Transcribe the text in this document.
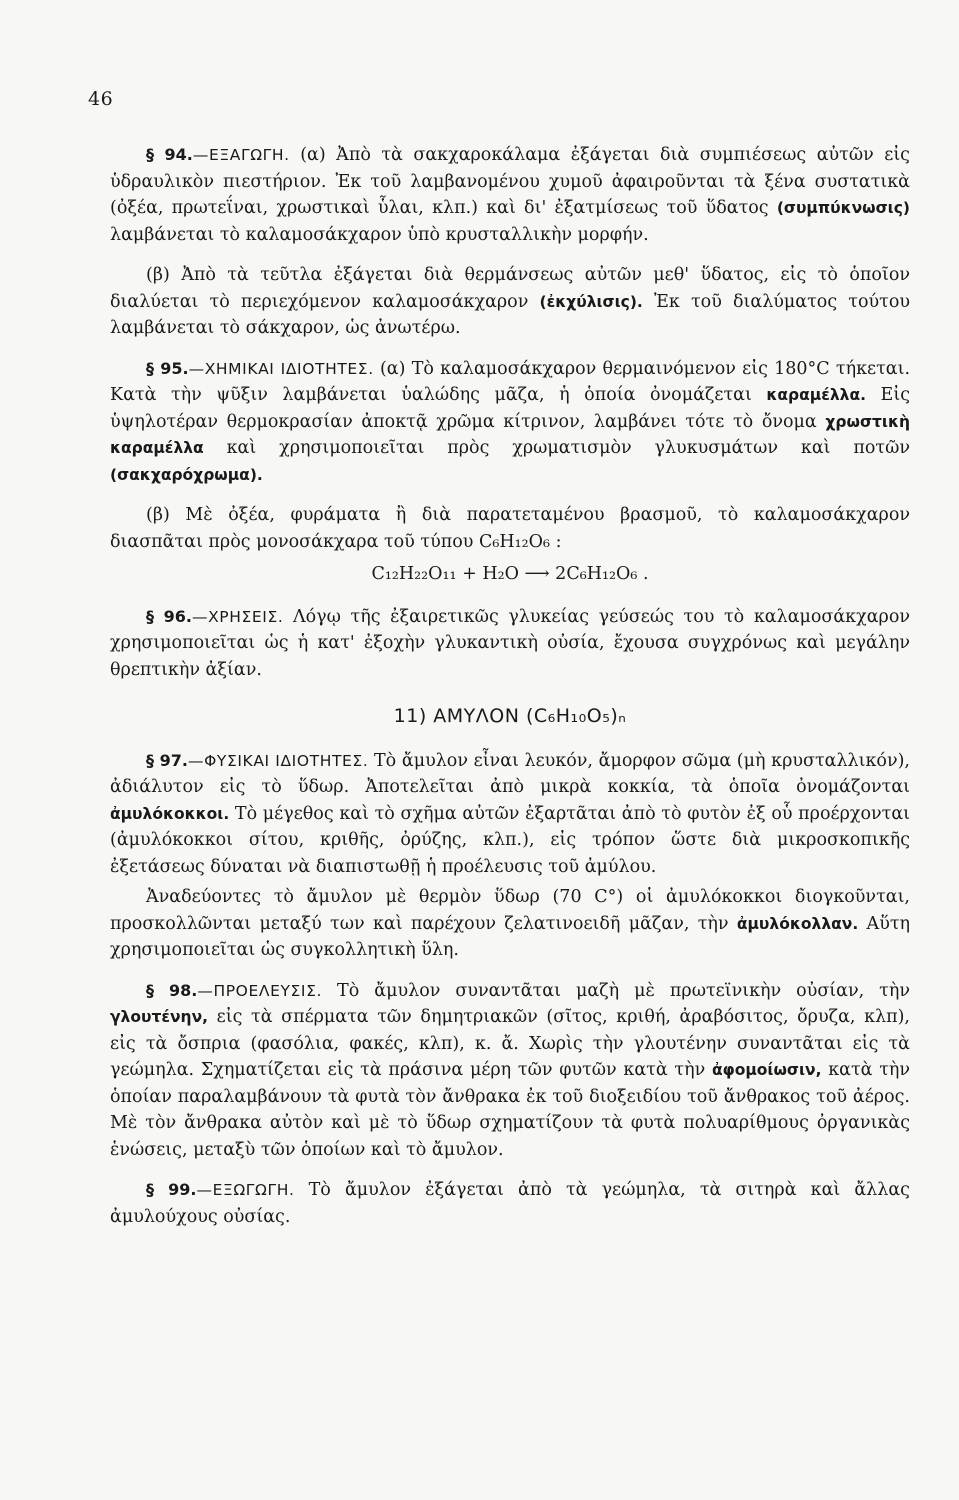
46

§ 94.—ΕΞΑΓΩΓΗ. (α) Ἀπὸ τὰ σακχαροκάλαμα ἐξάγεται διὰ συμπιέσεως αὐτῶν εἰς ὑδραυλικὸν πιεστήριον. Ἐκ τοῦ λαμβανομένου χυμοῦ ἀφαιροῦνται τὰ ξένα συστατικὰ (ὀξέα, πρωτεΐναι, χρωστικαὶ ὗλαι, κλπ.) καὶ δι' ἐξατμίσεως τοῦ ὕδατος (συμπύκνωσις) λαμβάνεται τὸ καλαμοσάκχαρον ὑπὸ κρυσταλλικὴν μορφήν.

(β) Ἀπὸ τὰ τεῦτλα ἐξάγεται διὰ θερμάνσεως αὐτῶν μεθ' ὕδατος, εἰς τὸ ὁποῖον διαλύεται τὸ περιεχόμενον καλαμοσάκχαρον (ἐκχύλισις). Ἐκ τοῦ διαλύματος τούτου λαμβάνεται τὸ σάκχαρον, ὡς ἀνωτέρω.

§ 95.—ΧΗΜΙΚΑΙ ΙΔΙΟΤΗΤΕΣ. (α) Τὸ καλαμοσάκχαρον θερμαινόμενον εἰς 180°C τήκεται. Κατὰ τὴν ψῦξιν λαμβάνεται ὑαλώδης μᾶζα, ἡ ὁποία ὀνομάζεται καραμέλλα. Εἰς ὑψηλοτέραν θερμοκρασίαν ἀποκτᾷ χρῶμα κίτρινον, λαμβάνει τότε τὸ ὄνομα χρωστικὴ καραμέλλα καὶ χρησιμοποιεῖται πρὸς χρωματισμὸν γλυκυσμάτων καὶ ποτῶν (σακχαρόχρωμα).

(β) Μὲ ὀξέα, φυράματα ἢ διὰ παρατεταμένου βρασμοῦ, τὸ καλαμοσάκχαρον διασπᾶται πρὸς μονοσάκχαρα τοῦ τύπου C₆H₁₂O₆ :

C₁₂H₂₂O₁₁ + H₂O ⟶ 2C₆H₁₂O₆ .

§ 96.—ΧΡΗΣΕΙΣ. Λόγῳ τῆς ἐξαιρετικῶς γλυκείας γεύσεώς του τὸ καλαμοσάκχαρον χρησιμοποιεῖται ὡς ἡ κατ' ἐξοχὴν γλυκαντικὴ οὐσία, ἔχουσα συγχρόνως καὶ μεγάλην θρεπτικὴν ἀξίαν.

11) ΑΜΥΛΟΝ (C₆H₁₀O₅)ₙ

§ 97.—ΦΥΣΙΚΑΙ ΙΔΙΟΤΗΤΕΣ. Τὸ ἄμυλον εἶναι λευκόν, ἄμορφον σῶμα (μὴ κρυσταλλικόν), ἀδιάλυτον εἰς τὸ ὕδωρ. Ἀποτελεῖται ἀπὸ μικρὰ κοκκία, τὰ ὁποῖα ὀνομάζονται ἀμυλόκοκκοι. Τὸ μέγεθος καὶ τὸ σχῆμα αὐτῶν ἐξαρτᾶται ἀπὸ τὸ φυτὸν ἐξ οὗ προέρχονται (ἀμυλόκοκκοι σίτου, κριθῆς, ὀρύζης, κλπ.), εἰς τρόπον ὥστε διὰ μικροσκοπικῆς ἐξετάσεως δύναται νὰ διαπιστωθῇ ἡ προέλευσις τοῦ ἀμύλου.

Ἀναδεύοντες τὸ ἄμυλον μὲ θερμὸν ὕδωρ (70 C°) οἱ ἀμυλόκοκκοι διογκοῦνται, προσκολλῶνται μεταξύ των καὶ παρέχουν ζελατινοειδῆ μᾶζαν, τὴν ἀμυλόκολλαν. Αὕτη χρησιμοποιεῖται ὡς συγκολλητικὴ ὕλη.

§ 98.—ΠΡΟΕΛΕΥΣΙΣ. Τὸ ἄμυλον συναντᾶται μαζὴ μὲ πρωτεϊνικὴν οὐσίαν, τὴν γλουτένην, εἰς τὰ σπέρματα τῶν δημητριακῶν (σῖτος, κριθή, ἀραβόσιτος, ὄρυζα, κλπ), εἰς τὰ ὄσπρια (φασόλια, φακές, κλπ), κ. ἄ. Χωρὶς τὴν γλουτένην συναντᾶται εἰς τὰ γεώμηλα. Σχηματίζεται εἰς τὰ πράσινα μέρη τῶν φυτῶν κατὰ τὴν ἀφομοίωσιν, κατὰ τὴν ὁποίαν παραλαμβάνουν τὰ φυτὰ τὸν ἄνθρακα ἐκ τοῦ διοξειδίου τοῦ ἄνθρακος τοῦ ἀέρος. Μὲ τὸν ἄνθρακα αὐτὸν καὶ μὲ τὸ ὕδωρ σχηματίζουν τὰ φυτὰ πολυαρίθμους ὀργανικὰς ἑνώσεις, μεταξὺ τῶν ὁποίων καὶ τὸ ἄμυλον.

§ 99.—ΕΞΩΓΩΓΗ. Τὸ ἄμυλον ἐξάγεται ἀπὸ τὰ γεώμηλα, τὰ σιτηρὰ καὶ ἄλλας ἀμυλούχους οὐσίας.
